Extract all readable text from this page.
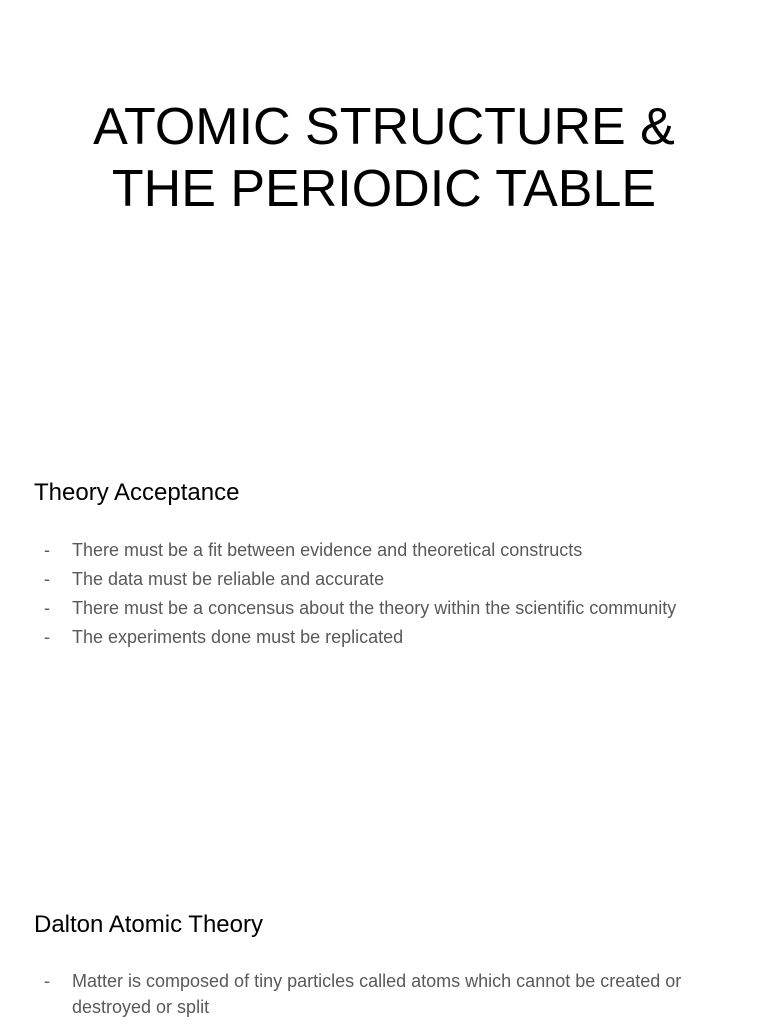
ATOMIC STRUCTURE &
THE PERIODIC TABLE
Theory Acceptance
- There must be a fit between evidence and theoretical constructs
- The data must be reliable and accurate
- There must be a concensus about the theory within the scientific community
- The experiments done must be replicated
Dalton Atomic Theory
- Matter is composed of tiny particles called atoms which cannot be created or destroyed or split
